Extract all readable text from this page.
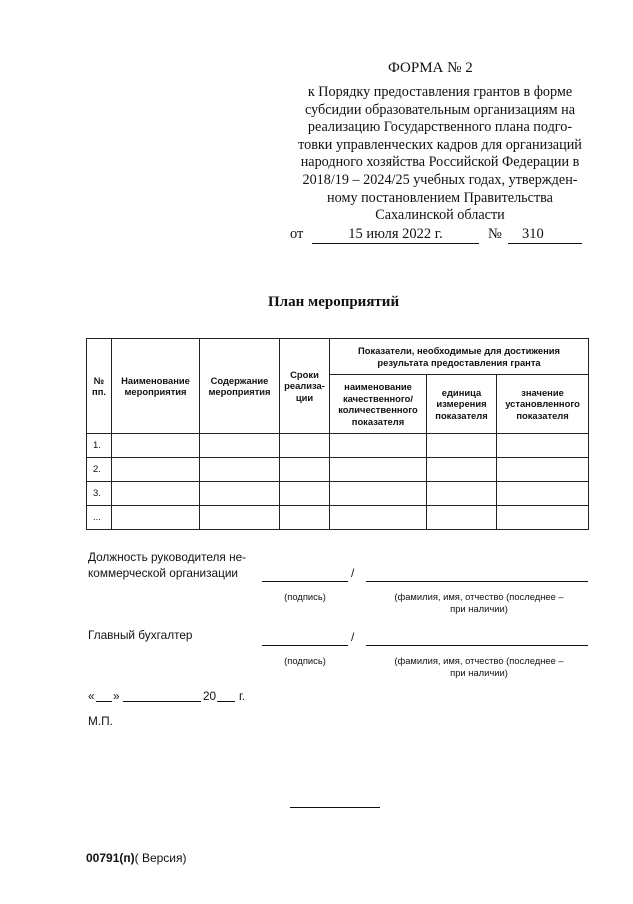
ФОРМА № 2
к Порядку предоставления грантов в форме
субсидии образовательным организациям на
реализацию Государственного плана подго-
товки управленческих кадров для организаций
народного хозяйства Российской Федерации в
2018/19 – 2024/25 учебных годах, утвержден-
ному постановлением Правительства
Сахалинской области
от	15 июля 2022 г.	№	310
План мероприятий
№ пп.	Наименование мероприятия	Содержание мероприятия	Сроки реализа-ции	Показатели, необходимые для достижения результата предоставления гранта		
				наименование качественного/количественного показателя	единица измерения показателя	значение установленного показателя
1.						
2.						
3.						
...						
Должность руководителя не-
коммерческой организации	/
(подпись)	(фамилия, имя, отчество (последнее –
при наличии)
Главный бухгалтер	/
(подпись)	(фамилия, имя, отчество (последнее –
при наличии)
« »	20 г.
М.П.
00791(п)( Версия)
